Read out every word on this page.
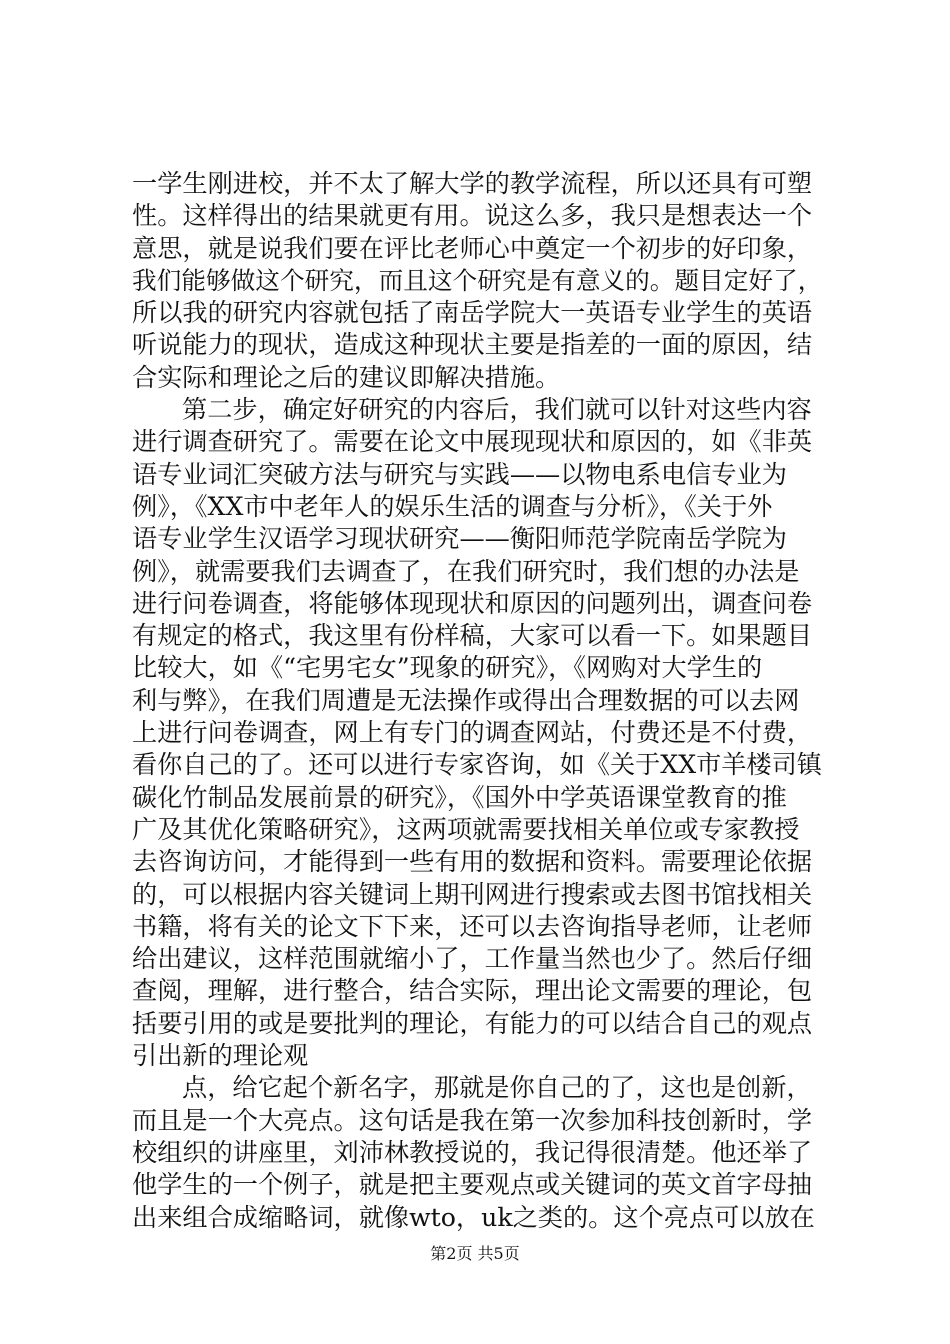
一学生刚进校，并不太了解大学的教学流程，所以还具有可塑
性。这样得出的结果就更有用。说这么多，我只是想表达一个
意思，就是说我们要在评比老师心中奠定一个初步的好印象，
我们能够做这个研究，而且这个研究是有意义的。题目定好了，
所以我的研究内容就包括了南岳学院大一英语专业学生的英语
听说能力的现状，造成这种现状主要是指差的一面的原因，结
合实际和理论之后的建议即解决措施。
第二步，确定好研究的内容后，我们就可以针对这些内容
进行调查研究了。需要在论文中展现现状和原因的，如《非英
语专业词汇突破方法与研究与实践——以物电系电信专业为
例》，《XX市中老年人的娱乐生活的调查与分析》，《关于外
语专业学生汉语学习现状研究——衡阳师范学院南岳学院为
例》，就需要我们去调查了，在我们研究时，我们想的办法是
进行问卷调查，将能够体现现状和原因的问题列出，调查问卷
有规定的格式，我这里有份样稿，大家可以看一下。如果题目
比较大，如《“宅男宅女”现象的研究》，《网购对大学生的
利与弊》，在我们周遭是无法操作或得出合理数据的可以去网
上进行问卷调查，网上有专门的调查网站，付费还是不付费，
看你自己的了。还可以进行专家咨询，如《关于XX市羊楼司镇
碳化竹制品发展前景的研究》，《国外中学英语课堂教育的推
广及其优化策略研究》，这两项就需要找相关单位或专家教授
去咨询访问，才能得到一些有用的数据和资料。需要理论依据
的，可以根据内容关键词上期刊网进行搜索或去图书馆找相关
书籍，将有关的论文下下来，还可以去咨询指导老师，让老师
给出建议，这样范围就缩小了，工作量当然也少了。然后仔细
查阅，理解，进行整合，结合实际，理出论文需要的理论，包
括要引用的或是要批判的理论，有能力的可以结合自己的观点
引出新的理论观
点，给它起个新名字，那就是你自己的了，这也是创新，
而且是一个大亮点。这句话是我在第一次参加科技创新时，学
校组织的讲座里，刘沛林教授说的，我记得很清楚。他还举了
他学生的一个例子，就是把主要观点或关键词的英文首字母抽
出来组合成缩略词，就像wto，uk之类的。这个亮点可以放在
第2页 共5页
